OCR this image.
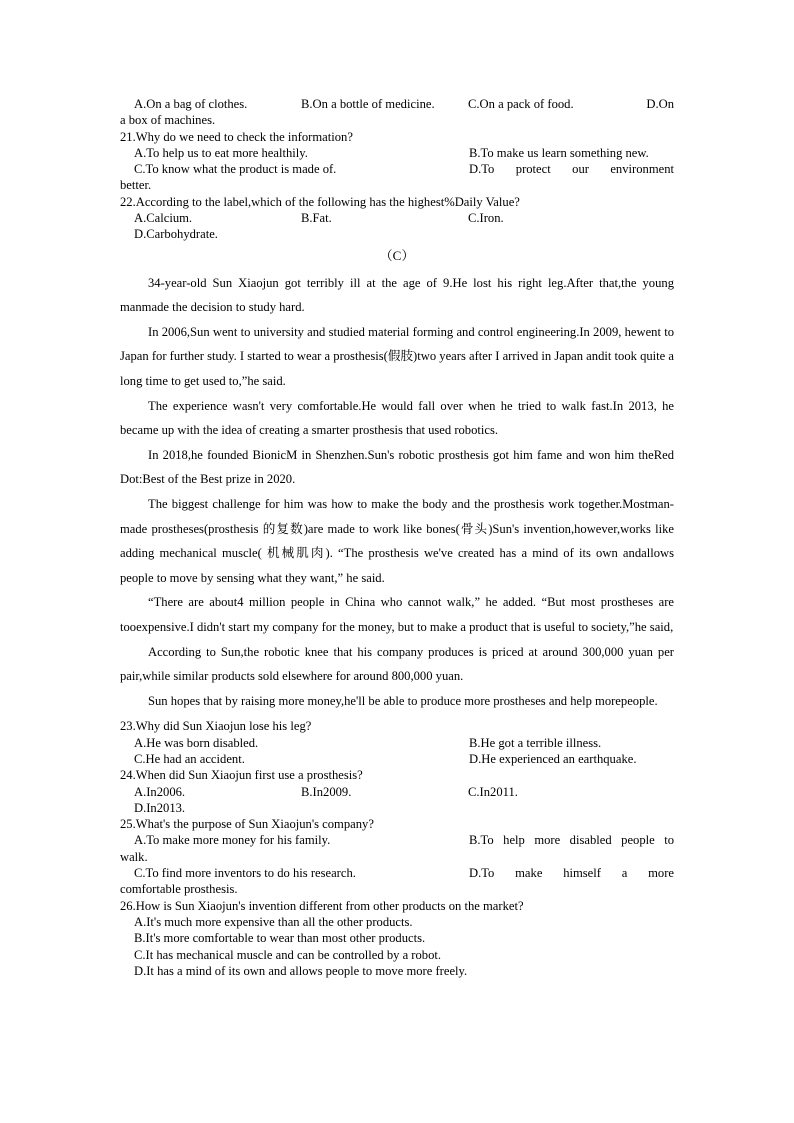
A.On a bag of clothes.	B.On a bottle of medicine.	C.On a pack of food.	D.On
a box of machines.
21.Why do we need to check the information?
A.To help us to eat more healthily.	B.To make us learn something new.
C.To know what the product is made of.	D.To protect our environment
better.
22.According to the label,which of the following has the highest%Daily Value?
A.Calcium.	B.Fat.	C.Iron.
D.Carbohydrate.
（C）

34-year-old Sun Xiaojun got terribly ill at the age of 9.He lost his right leg.After that,the young manmade the decision to study hard.

In 2006,Sun went to university and studied material forming and control engineering.In 2009, hewent to Japan for further study. I started to wear a prosthesis(假肢)two years after I arrived in Japan andit took quite a long time to get used to,”he said.

The experience wasn't very comfortable.He would fall over when he tried to walk fast.In 2013, he became up with the idea of creating a smarter prosthesis that used robotics.

In 2018,he founded BionicM in Shenzhen.Sun's robotic prosthesis got him fame and won him theRed Dot:Best of the Best prize in 2020.

The biggest challenge for him was how to make the body and the prosthesis work together.Mostman-made prostheses(prosthesis 的复数)are made to work like bones(骨头)Sun's invention,however,works like adding mechanical muscle( 机械肌肉). “The prosthesis we've created has a mind of its own andallows people to move by sensing what they want,” he said.

“There are about4 million people in China who cannot walk,” he added. “But most prostheses are tooexpensive.I didn't start my company for the money, but to make a product that is useful to society,”he said,

According to Sun,the robotic knee that his company produces is priced at around 300,000 yuan per pair,while similar products sold elsewhere for around 800,000 yuan.

Sun hopes that by raising more money,he'll be able to produce more prostheses and help morepeople.

23.Why did Sun Xiaojun lose his leg?
A.He was born disabled.	B.He got a terrible illness.
C.He had an accident.	D.He experienced an earthquake.
24.When did Sun Xiaojun first use a prosthesis?
A.In2006.	B.In2009.	C.In2011.
D.In2013.
25.What's the purpose of Sun Xiaojun's company?
A.To make more money for his family.	B.To help more disabled people to
walk.
C.To find more inventors to do his research.	D.To make himself a more
comfortable prosthesis.
26.How is Sun Xiaojun's invention different from other products on the market?
A.It's much more expensive than all the other products.
B.It's more comfortable to wear than most other products.
C.It has mechanical muscle and can be controlled by a robot.
D.It has a mind of its own and allows people to move more freely.
